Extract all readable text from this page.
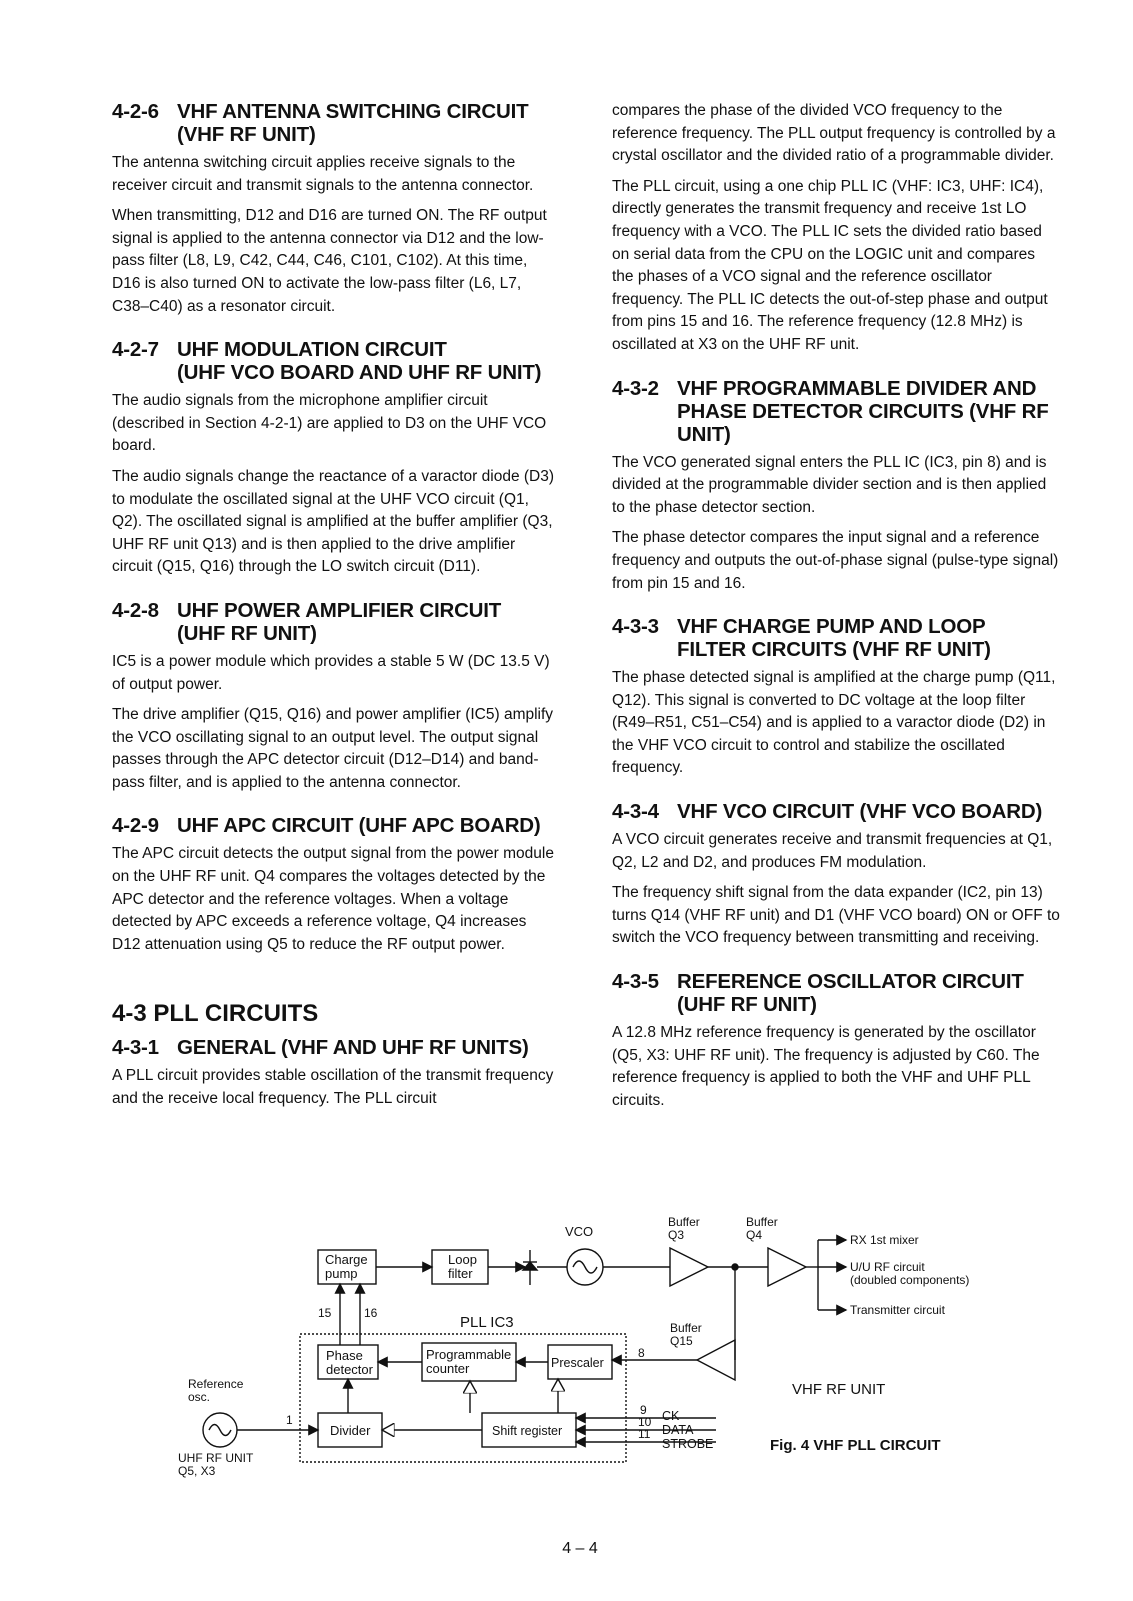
4-2-6 VHF ANTENNA SWITCHING CIRCUIT
(VHF RF UNIT)

The antenna switching circuit applies receive signals to the receiver circuit and transmit signals to the antenna connector.

When transmitting, D12 and D16 are turned ON. The RF output signal is applied to the antenna connector via D12 and the low-pass filter (L8, L9, C42, C44, C46, C101, C102). At this time, D16 is also turned ON to activate the low-pass filter (L6, L7, C38–C40) as a resonator circuit.

4-2-7 UHF MODULATION CIRCUIT
(UHF VCO BOARD AND UHF RF UNIT)

The audio signals from the microphone amplifier circuit (described in Section 4-2-1) are applied to D3 on the UHF VCO board.

The audio signals change the reactance of a varactor diode (D3) to modulate the oscillated signal at the UHF VCO circuit (Q1, Q2). The oscillated signal is amplified at the buffer amplifier (Q3, UHF RF unit Q13) and is then applied to the drive amplifier circuit (Q15, Q16) through the LO switch circuit (D11).

4-2-8 UHF POWER AMPLIFIER CIRCUIT
(UHF RF UNIT)

IC5 is a power module which provides a stable 5 W (DC 13.5 V) of output power.

The drive amplifier (Q15, Q16) and power amplifier (IC5) amplify the VCO oscillating signal to an output level. The output signal passes through the APC detector circuit (D12–D14) and band-pass filter, and is applied to the antenna connector.

4-2-9 UHF APC CIRCUIT (UHF APC BOARD)

The APC circuit detects the output signal from the power module on the UHF RF unit. Q4 compares the voltages detected by the APC detector and the reference voltages. When a voltage detected by APC exceeds a reference voltage, Q4 increases D12 attenuation using Q5 to reduce the RF output power.

4-3 PLL CIRCUITS
4-3-1 GENERAL (VHF AND UHF RF UNITS)

A PLL circuit provides stable oscillation of the transmit frequency and the receive local frequency. The PLL circuit

compares the phase of the divided VCO frequency to the reference frequency. The PLL output frequency is controlled by a crystal oscillator and the divided ratio of a programmable divider.

The PLL circuit, using a one chip PLL IC (VHF: IC3, UHF: IC4), directly generates the transmit frequency and receive 1st LO frequency with a VCO. The PLL IC sets the divided ratio based on serial data from the CPU on the LOGIC unit and compares the phases of a VCO signal and the reference oscillator frequency. The PLL IC detects the out-of-step phase and output from pins 15 and 16. The reference frequency (12.8 MHz) is oscillated at X3 on the UHF RF unit.

4-3-2 VHF PROGRAMMABLE DIVIDER AND
PHASE DETECTOR CIRCUITS (VHF RF UNIT)

The VCO generated signal enters the PLL IC (IC3, pin 8) and is divided at the programmable divider section and is then applied to the phase detector section.

The phase detector compares the input signal and a reference frequency and outputs the out-of-phase signal (pulse-type signal) from pin 15 and 16.

4-3-3 VHF CHARGE PUMP AND LOOP
FILTER CIRCUITS (VHF RF UNIT)

The phase detected signal is amplified at the charge pump (Q11, Q12). This signal is converted to DC voltage at the loop filter (R49–R51, C51–C54) and is applied to a varactor diode (D2) in the VHF VCO circuit to control and stabilize the oscillated frequency.

4-3-4 VHF VCO CIRCUIT (VHF VCO BOARD)

A VCO circuit generates receive and transmit frequencies at Q1, Q2, L2 and D2, and produces FM modulation.

The frequency shift signal from the data expander (IC2, pin 13) turns Q14 (VHF RF unit) and D1 (VHF VCO board) ON or OFF to switch the VCO frequency between transmitting and receiving.

4-3-5 REFERENCE OSCILLATOR CIRCUIT
(UHF RF UNIT)

A 12.8 MHz reference frequency is generated by the oscillator (Q5, X3: UHF RF unit). The frequency is adjusted by C60. The reference frequency is applied to both the VHF and UHF PLL circuits.

Charge
pump
Loop
filter
VCO
Buffer
Q3
Buffer
Q4	RX 1st mixer
U/U RF circuit
(doubled components)
Transmitter circuit
Buffer
Q15
PLL IC3
Phase
detector
Programmable
counter	Prescaler
Divider	Shift register
15	16
8
1
9
10
11
CK
DATA
STROBE
Reference
osc.
UHF RF UNIT
Q5, X3
VHF RF UNIT
Fig. 4 VHF PLL CIRCUIT
4 – 4
